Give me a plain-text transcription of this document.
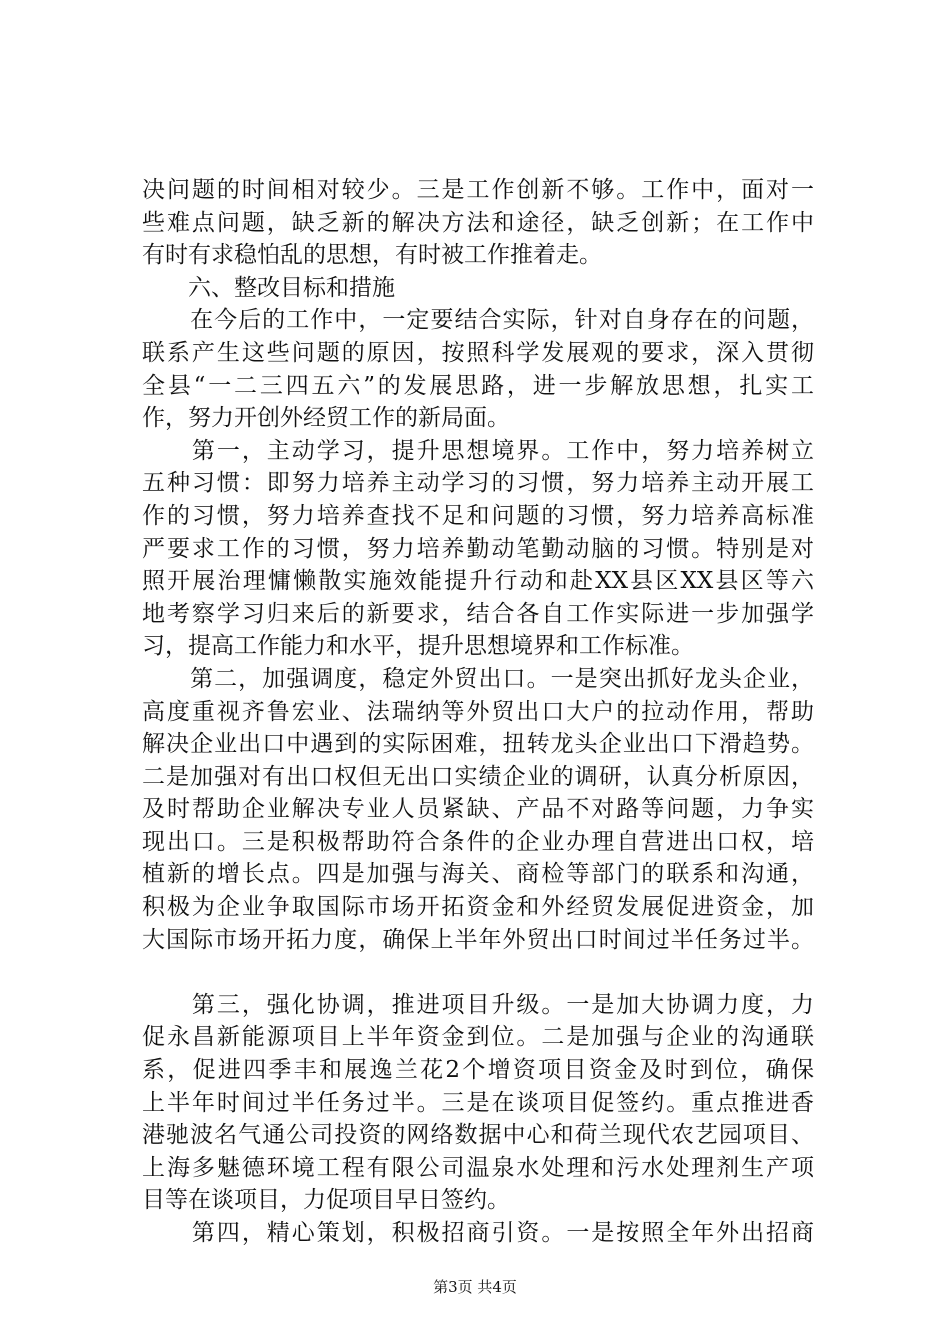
决问题的时间相对较少。三是工作创新不够。工作中，面对一
些难点问题，缺乏新的解决方法和途径，缺乏创新；在工作中
有时有求稳怕乱的思想，有时被工作推着走。
　　六、整改目标和措施
　　在今后的工作中，一定要结合实际，针对自身存在的问题，
联系产生这些问题的原因，按照科学发展观的要求，深入贯彻
全县“一二三四五六”的发展思路，进一步解放思想，扎实工
作，努力开创外经贸工作的新局面。
　　第一，主动学习，提升思想境界。工作中，努力培养树立
五种习惯：即努力培养主动学习的习惯，努力培养主动开展工
作的习惯，努力培养查找不足和问题的习惯，努力培养高标准
严要求工作的习惯，努力培养勤动笔勤动脑的习惯。特别是对
照开展治理慵懒散实施效能提升行动和赴XX县区XX县区等六
地考察学习归来后的新要求，结合各自工作实际进一步加强学
习，提高工作能力和水平，提升思想境界和工作标准。
　　第二，加强调度，稳定外贸出口。一是突出抓好龙头企业，
高度重视齐鲁宏业、法瑞纳等外贸出口大户的拉动作用，帮助
解决企业出口中遇到的实际困难，扭转龙头企业出口下滑趋势。
二是加强对有出口权但无出口实绩企业的调研，认真分析原因，
及时帮助企业解决专业人员紧缺、产品不对路等问题，力争实
现出口。三是积极帮助符合条件的企业办理自营进出口权，培
植新的增长点。四是加强与海关、商检等部门的联系和沟通，
积极为企业争取国际市场开拓资金和外经贸发展促进资金，加
大国际市场开拓力度，确保上半年外贸出口时间过半任务过半。
　　第三，强化协调，推进项目升级。一是加大协调力度，力
促永昌新能源项目上半年资金到位。二是加强与企业的沟通联
系，促进四季丰和展逸兰花2个增资项目资金及时到位，确保
上半年时间过半任务过半。三是在谈项目促签约。重点推进香
港驰波名气通公司投资的网络数据中心和荷兰现代农艺园项目、
上海多魅德环境工程有限公司温泉水处理和污水处理剂生产项
目等在谈项目，力促项目早日签约。
　　第四，精心策划，积极招商引资。一是按照全年外出招商
第3页 共4页
